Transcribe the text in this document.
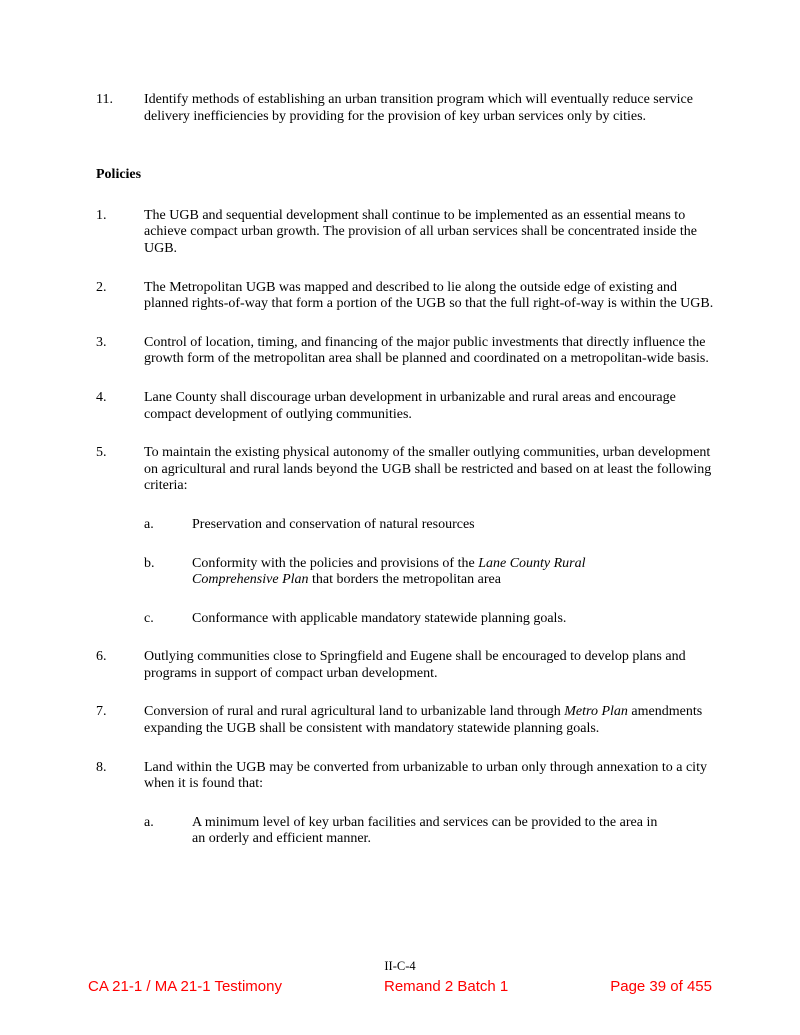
11.	Identify methods of establishing an urban transition program which will eventually reduce service delivery inefficiencies by providing for the provision of key urban services only by cities.
Policies
1.	The UGB and sequential development shall continue to be implemented as an essential means to achieve compact urban growth. The provision of all urban services shall be concentrated inside the UGB.
2.	The Metropolitan UGB was mapped and described to lie along the outside edge of existing and planned rights-of-way that form a portion of the UGB so that the full right-of-way is within the UGB.
3.	Control of location, timing, and financing of the major public investments that directly influence the growth form of the metropolitan area shall be planned and coordinated on a metropolitan-wide basis.
4.	Lane County shall discourage urban development in urbanizable and rural areas and encourage compact development of outlying communities.
5.	To maintain the existing physical autonomy of the smaller outlying communities, urban development on agricultural and rural lands beyond the UGB shall be restricted and based on at least the following criteria:
a.	Preservation and conservation of natural resources
b.	Conformity with the policies and provisions of the Lane County Rural Comprehensive Plan that borders the metropolitan area
c.	Conformance with applicable mandatory statewide planning goals.
6.	Outlying communities close to Springfield and Eugene shall be encouraged to develop plans and programs in support of compact urban development.
7.	Conversion of rural and rural agricultural land to urbanizable land through Metro Plan amendments expanding the UGB shall be consistent with mandatory statewide planning goals.
8.	Land within the UGB may be converted from urbanizable to urban only through annexation to a city when it is found that:
a.	A minimum level of key urban facilities and services can be provided to the area in an orderly and efficient manner.
II-C-4
CA 21-1 / MA 21-1 Testimony	Remand 2 Batch 1	Page 39 of 455
